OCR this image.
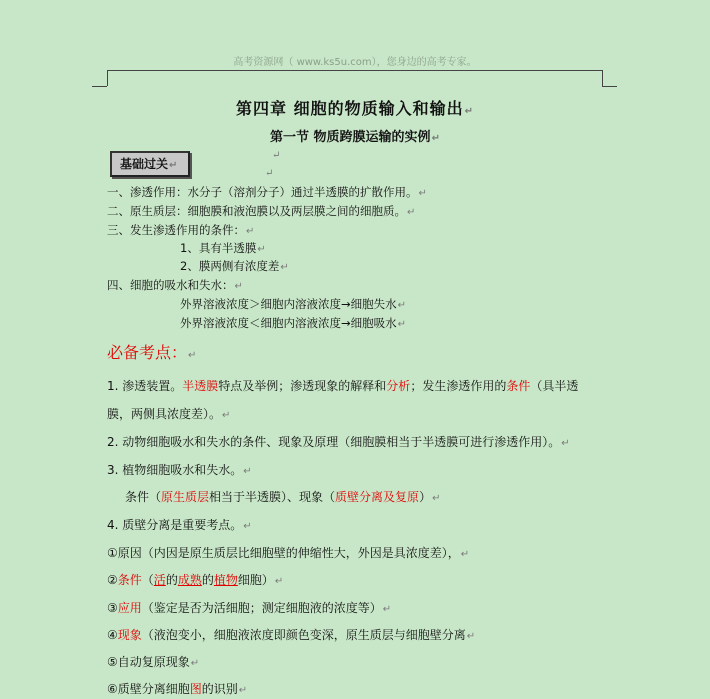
高考资源网（ www.ks5u.com），您身边的高考专家。
第四章 细胞的物质输入和输出↵
第一节 物质跨膜运输的实例↵
↵
基础过关↵
↵
一、渗透作用：水分子（溶剂分子）通过半透膜的扩散作用。↵
二、原生质层：细胞膜和液泡膜以及两层膜之间的细胞质。↵
三、发生渗透作用的条件：↵
1、具有半透膜↵
2、膜两侧有浓度差↵
四、细胞的吸水和失水：↵
外界溶液浓度＞细胞内溶液浓度→细胞失水↵
外界溶液浓度＜细胞内溶液浓度→细胞吸水↵
必备考点：↵
1. 渗透装置。半透膜特点及举例；渗透现象的解释和分析；发生渗透作用的条件（具半透
膜，两侧具浓度差）。↵
2. 动物细胞吸水和失水的条件、现象及原理（细胞膜相当于半透膜可进行渗透作用）。↵
3. 植物细胞吸水和失水。↵
条件（原生质层相当于半透膜）、现象（质壁分离及复原）↵
4. 质壁分离是重要考点。↵
①原因（内因是原生质层比细胞壁的伸缩性大，外因是具浓度差），↵
②条件（活的成熟的植物细胞）↵
③应用（鉴定是否为活细胞；测定细胞液的浓度等）↵
④现象（液泡变小，细胞液浓度即颜色变深，原生质层与细胞壁分离↵
⑤自动复原现象↵
⑥质壁分离细胞图的识别↵
